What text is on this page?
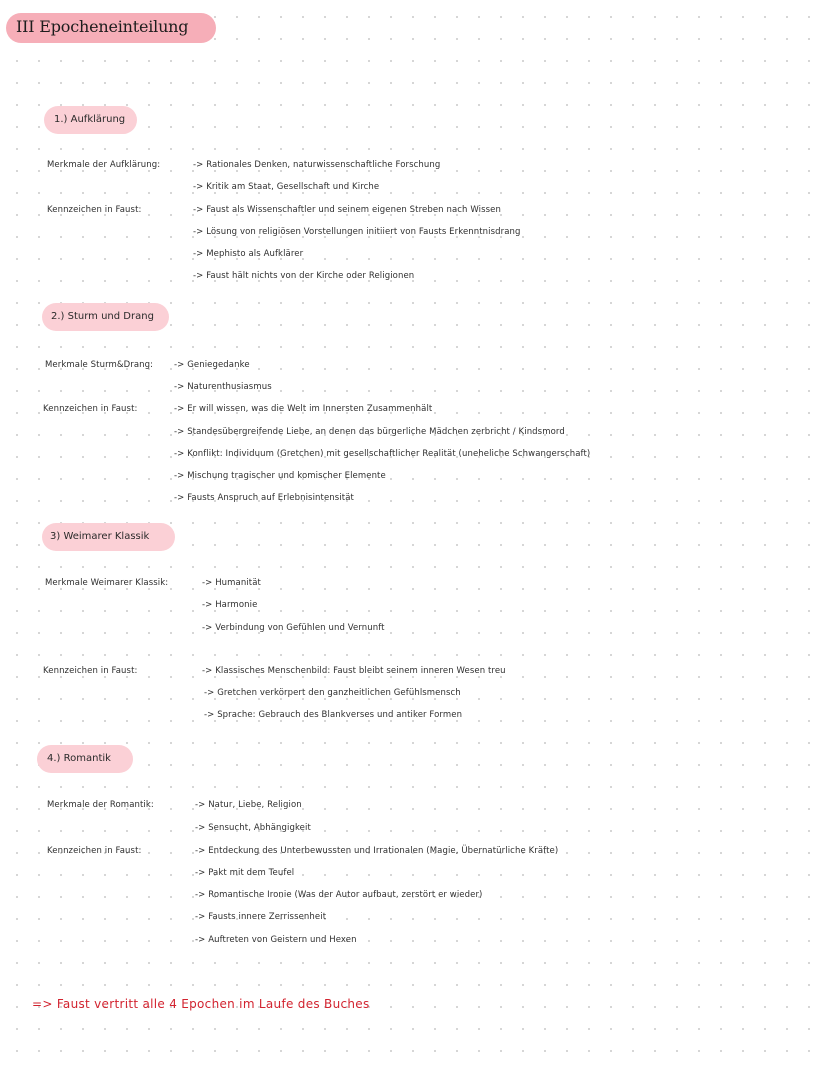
III Epocheneinteilung
1.) Aufklärung
Merkmale der Aufklärung:	-> Rationales Denken, naturwissenschaftliche Forschung
-> Kritik am Staat, Gesellschaft und Kirche
Kennzeichen in Faust:	-> Faust als Wissenschaftler und seinem eigenen Streben nach Wissen
-> Lösung von religiösen Vorstellungen initiiert von Fausts Erkenntnisdrang
-> Mephisto als Aufklärer
-> Faust hält nichts von der Kirche oder Religionen
2.) Sturm und Drang
Merkmale Sturm&Drang: -> Geniegedanke
-> Naturenthusiasmus
Kennzeichen in Faust:	-> Er will wissen, was die Welt im Innersten Zusammenhält
-> Standesübergreifende Liebe, an denen das bürgerliche Mädchen zerbricht / Kindsmord
-> Konflikt: Individuum (Gretchen) mit gesellschaftlicher Realität (uneheliche Schwangerschaft)
-> Mischung tragischer und komischer Elemente
-> Fausts Anspruch auf Erlebnisintensität
3) Weimarer Klassik
Merkmale Weimarer Klassik:	-> Humanität
-> Harmonie
-> Verbindung von Gefühlen und Vernunft
Kennzeichen in Faust:	-> Klassisches Menschenbild: Faust bleibt seinem inneren Wesen treu
-> Gretchen verkörpert den ganzheitlichen Gefühlsmensch
-> Sprache: Gebrauch des Blankverses und antiker Formen
4.) Romantik
Merkmale der Romantik:	-> Natur, Liebe, Religion
-> Sensucht, Abhängigkeit
Kennzeichen in Faust:	-> Entdeckung des Unterbewussten und Irrationalen (Magie, Übernatürliche Kräfte)
-> Pakt mit dem Teufel
-> Romantische Ironie (Was der Autor aufbaut, zerstört er wieder)
-> Fausts innere Zerrissenheit
-> Auftreten von Geistern und Hexen
=> Faust vertritt alle 4 Epochen im Laufe des Buches
